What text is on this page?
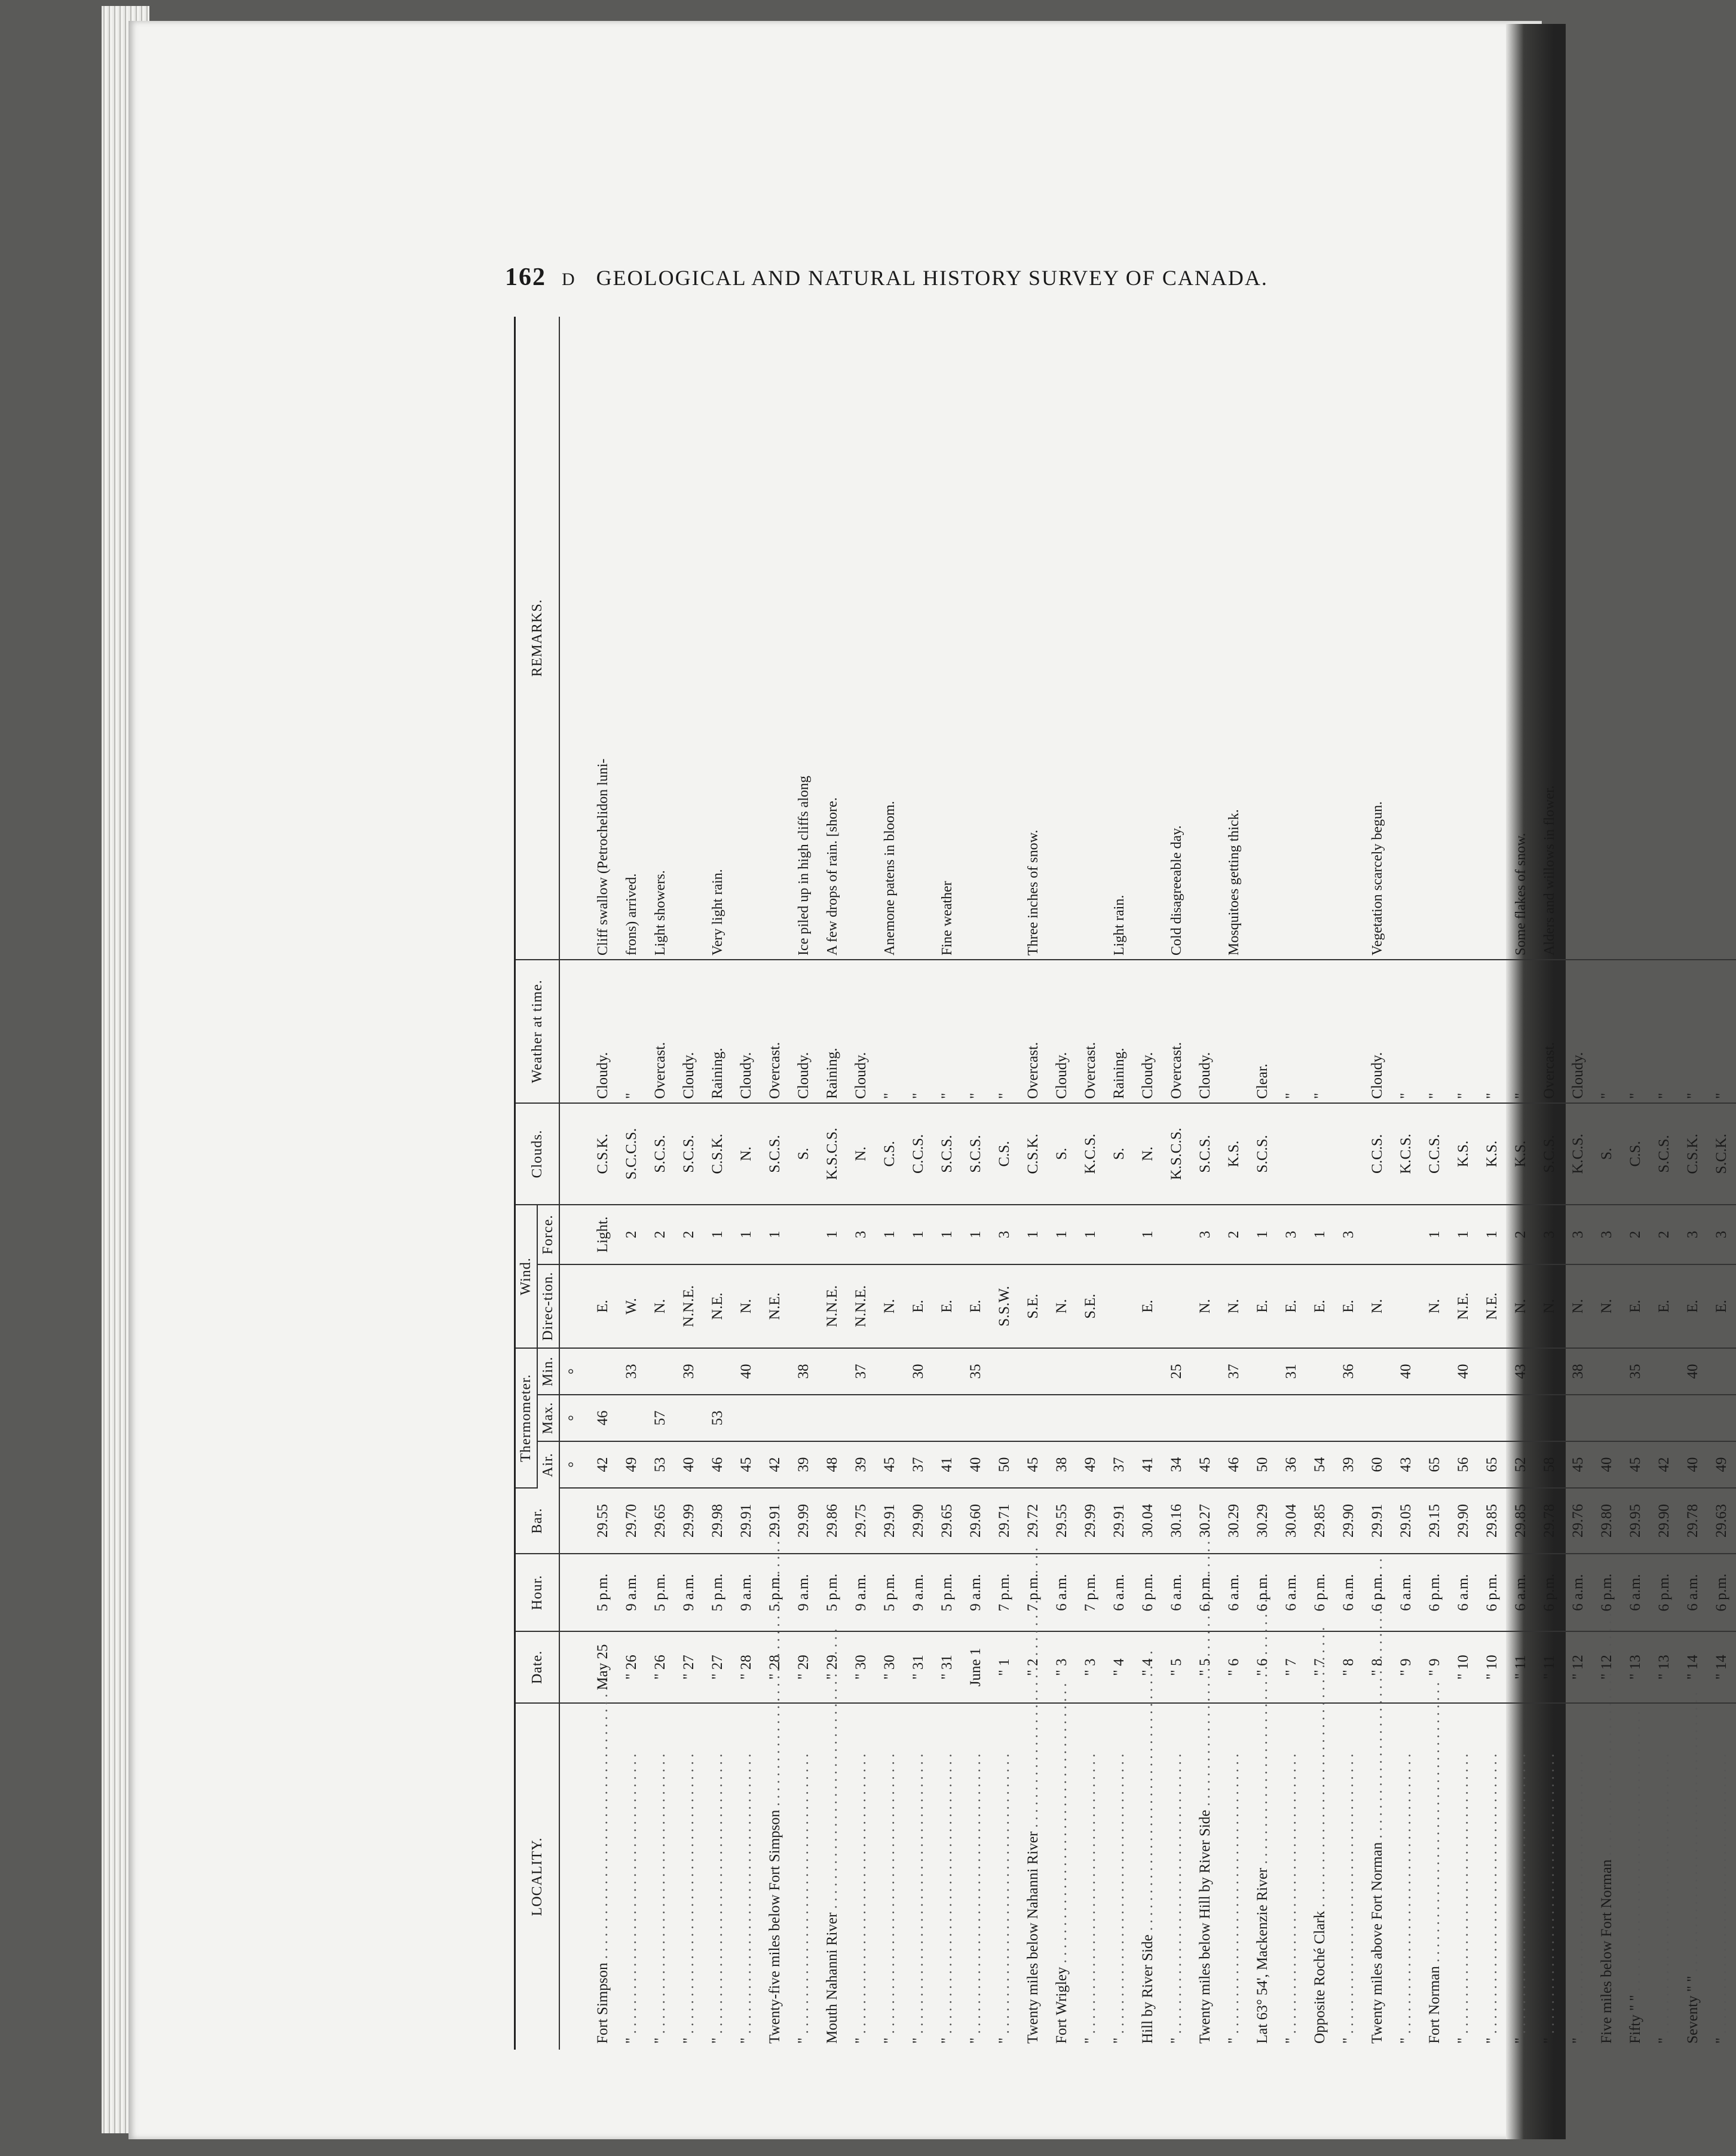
162 D GEOLOGICAL AND NATURAL HISTORY SURVEY OF CANADA.
LOCALITY.	Date.	Hour.	Bar.	Thermometer.			Wind.		Clouds.	Weather at time.	REMARKS.
				Air.	Max.	Min.	Direc-tion.	Force.			
				°	°	°					
Fort Simpson . . .	May 25	5 p.m.	29.55	42	46		E.	Light.	C.S.K.	Cloudy.	Cliff swallow (Petrochelidon luni-
" . . .	" 26	9 a.m.	29.70	49		33	W.	2	S.C.C.S.	"	frons) arrived.
" . . .	" 26	5 p.m.	29.65	53	57		N.	2	S.C.S.	Overcast.	Light showers.
" . . .	" 27	9 a.m.	29.99	40		39	N.N.E.	2	S.C.S.	Cloudy.	
" . . .	" 27	5 p.m.	29.98	46	53		N.E.	1	C.S.K.	Raining.	Very light rain.
" . . .	" 28	9 a.m.	29.91	45		40	N.	1	N.	Cloudy.	
Twenty-five miles below Fort Simpson . . .	" 28	5 p.m.	29.91	42			N.E.	1	S.C.S.	Overcast.	
" . . .	" 29	9 a.m.	29.99	39		38			S.	Cloudy.	Ice piled up in high cliffs along
Mouth Nahanni River . . .	" 29	5 p.m.	29.86	48			N.N.E.	1	K.S.C.S.	Raining.	A few drops of rain. [shore.
" . . .	" 30	9 a.m.	29.75	39		37	N.N.E.	3	N.	Cloudy.	
" . . .	" 30	5 p.m.	29.91	45			N.	1	C.S.	"	Anemone patens in bloom.
" . . .	" 31	9 a.m.	29.90	37		30	E.	1	C.C.S.	"	
" . . .	" 31	5 p.m.	29.65	41			E.	1	S.C.S.	"	Fine weather
" . . .	June 1	9 a.m.	29.60	40		35	E.	1	S.C.S.	"	
" . . .	" 1	7 p.m.	29.71	50			S.S.W.	3	C.S.	"	
Twenty miles below Nahanni River . . .	" 2	7 p.m.	29.72	45			S.E.	1	C.S.K.	Overcast.	Three inches of snow.
Fort Wrigley . . .	" 3	6 a.m.	29.55	38			N.	1	S.	Cloudy.	
" . . .	" 3	7 p.m.	29.99	49			S.E.	1	K.C.S.	Overcast.	
" . . .	" 4	6 a.m.	29.91	37					S.	Raining.	Light rain.
Hill by River Side . . .	" 4	6 p.m.	30.04	41			E.	1	N.	Cloudy.	
" . . .	" 5	6 a.m.	30.16	34		25			K.S.C.S.	Overcast.	Cold disagreeable day.
Twenty miles below Hill by River Side . . .	" 5	6 p.m.	30.27	45			N.	3	S.C.S.	Cloudy.	
" . . .	" 6	6 a.m.	30.29	46		37	N.	2	K.S.		Mosquitoes getting thick.
Lat 63° 54', Mackenzie River . . .	" 6	6 p.m.	30.29	50			E.	1	S.C.S.	Clear.	
" . . .	" 7	6 a.m.	30.04	36		31	E.	3		"	
Opposite Roché Clark . . .	" 7	6 p.m.	29.85	54			E.	1		"	
" . . .	" 8	6 a.m.	29.90	39		36	E.	3			
Twenty miles above Fort Norman . . .	" 8	6 p.m.	29.91	60			N.		C.C.S.	Cloudy.	Vegetation scarcely begun.
" . . .	" 9	6 a.m.	29.05	43		40			K.C.S.	"	
Fort Norman . . .	" 9	6 p.m.	29.15	65			N.	1	C.C.S.	"	
" . . .	" 10	6 a.m.	29.90	56		40	N.E.	1	K.S.	"	
" . . .	" 10	6 p.m.	29.85	65			N.E.	1	K.S.	"	
" . . .	" 11	6 a.m.	29.85	52		43	N.	2	K.S.	"	Some flakes of snow.
" . . .	" 11	6 p.m.	29.78	58			N.	3	S.C.S.	Overcast.	Alders and willows in flower.
" . . .	" 12	6 a.m.	29.76	45		38	N.	3	K.C.S.	Cloudy.	
Five miles below Fort Norman . . .	" 12	6 p.m.	29.80	40			N.	3	S.	"	
Fifty " " . . .	" 13	6 a.m.	29.95	45		35	E.	2	C.S.	"	
" . . .	" 13	6 p.m.	29.90	42			E.	2	S.C.S.	"	
Seventy " " . . .	" 14	6 a.m.	29.78	40		40	E.	3	C.S.K.	"	
" . . .	" 14	6 p.m.	29.63	49			E.	3	S.C.K.	"	
